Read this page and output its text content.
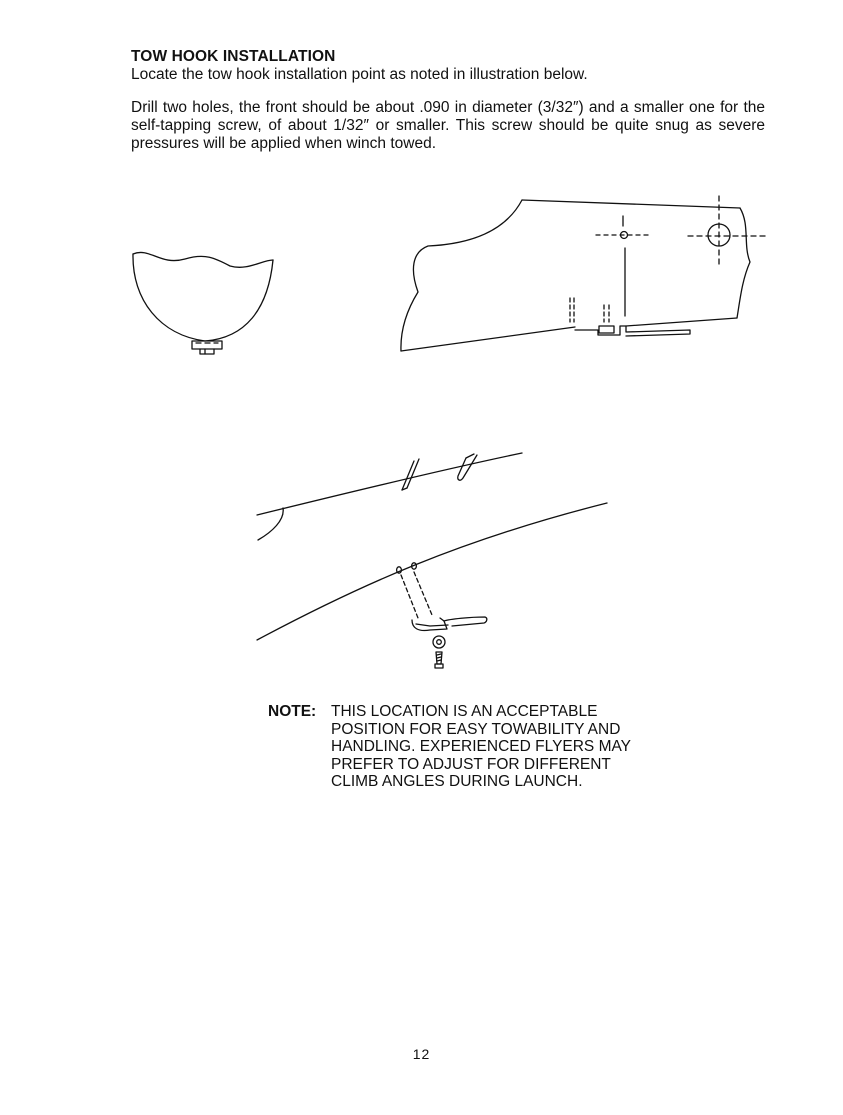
TOW HOOK INSTALLATION
Locate the tow hook installation point as noted in illustration below.
Drill two holes, the front should be about .090 in diameter (3/32″) and a smaller one for the self-tapping screw, of about 1/32″ or smaller. This screw should be quite snug as severe pressures will be applied when winch towed.
NOTE: THIS LOCATION IS AN ACCEPTABLE POSITION FOR EASY TOWABILITY AND HANDLING. EXPERIENCED FLYERS MAY PREFER TO ADJUST FOR DIFFERENT CLIMB ANGLES DURING LAUNCH.
12
